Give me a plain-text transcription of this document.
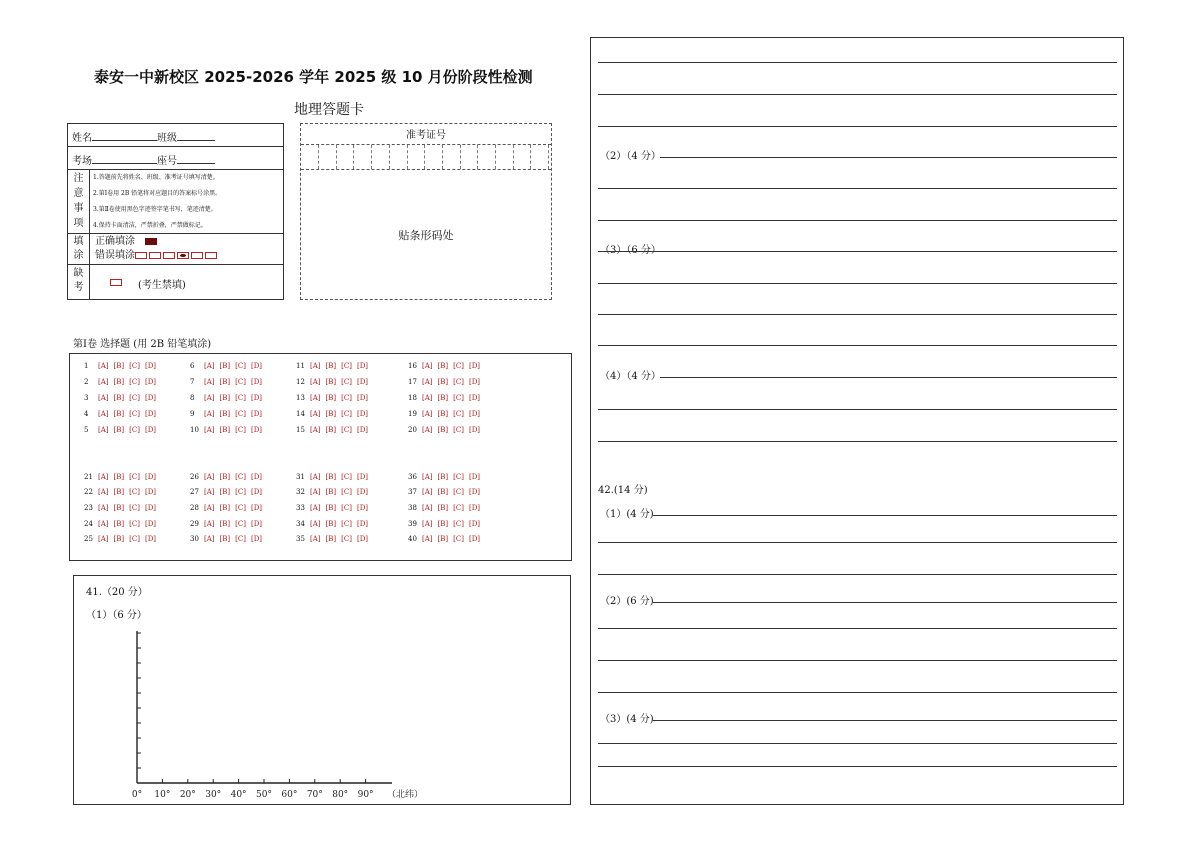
泰安一中新校区 2025-2026 学年 2025 级 10 月份阶段性检测
地理答题卡
姓名	班级
考场	座号
注
意
事
项
1.答题前先将姓名、班级、准考证号填写清楚。
2.第Ⅰ卷用 2B 铅笔将对应题目的答案标号涂黑。
3.第Ⅱ卷使用黑色字迹签字笔书写，笔迹清楚。
4.保持卡面清洁，严禁折叠，严禁做标记。
填
涂
正确填涂
错误填涂
缺
考	(考生禁填)
准考证号
贴条形码处
第Ⅰ卷 选择题 (用 2B 铅笔填涂)
1 [A] [B] [C] [D]
2 [A] [B] [C] [D]
3 [A] [B] [C] [D]
4 [A] [B] [C] [D]
5 [A] [B] [C] [D]
6 [A] [B] [C] [D]
7 [A] [B] [C] [D]
8 [A] [B] [C] [D]
9 [A] [B] [C] [D]
10 [A] [B] [C] [D]
11 [A] [B] [C] [D]
12 [A] [B] [C] [D]
13 [A] [B] [C] [D]
14 [A] [B] [C] [D]
15 [A] [B] [C] [D]
16 [A] [B] [C] [D]
17 [A] [B] [C] [D]
18 [A] [B] [C] [D]
19 [A] [B] [C] [D]
20 [A] [B] [C] [D]
21 [A] [B] [C] [D]
22 [A] [B] [C] [D]
23 [A] [B] [C] [D]
24 [A] [B] [C] [D]
25 [A] [B] [C] [D]
26 [A] [B] [C] [D]
27 [A] [B] [C] [D]
28 [A] [B] [C] [D]
29 [A] [B] [C] [D]
30 [A] [B] [C] [D]
31 [A] [B] [C] [D]
32 [A] [B] [C] [D]
33 [A] [B] [C] [D]
34 [A] [B] [C] [D]
35 [A] [B] [C] [D]
36 [A] [B] [C] [D]
37 [A] [B] [C] [D]
38 [A] [B] [C] [D]
39 [A] [B] [C] [D]
40 [A] [B] [C] [D]
41.（20 分）
（1）（6 分）
0° 10° 20° 30° 40° 50° 60° 70° 80° 90° （北纬）
（2）（4 分）
（3）（6 分）
（4）（4 分）
42.(14 分)
（1）(4 分)
（2）(6 分)
（3）(4 分)
